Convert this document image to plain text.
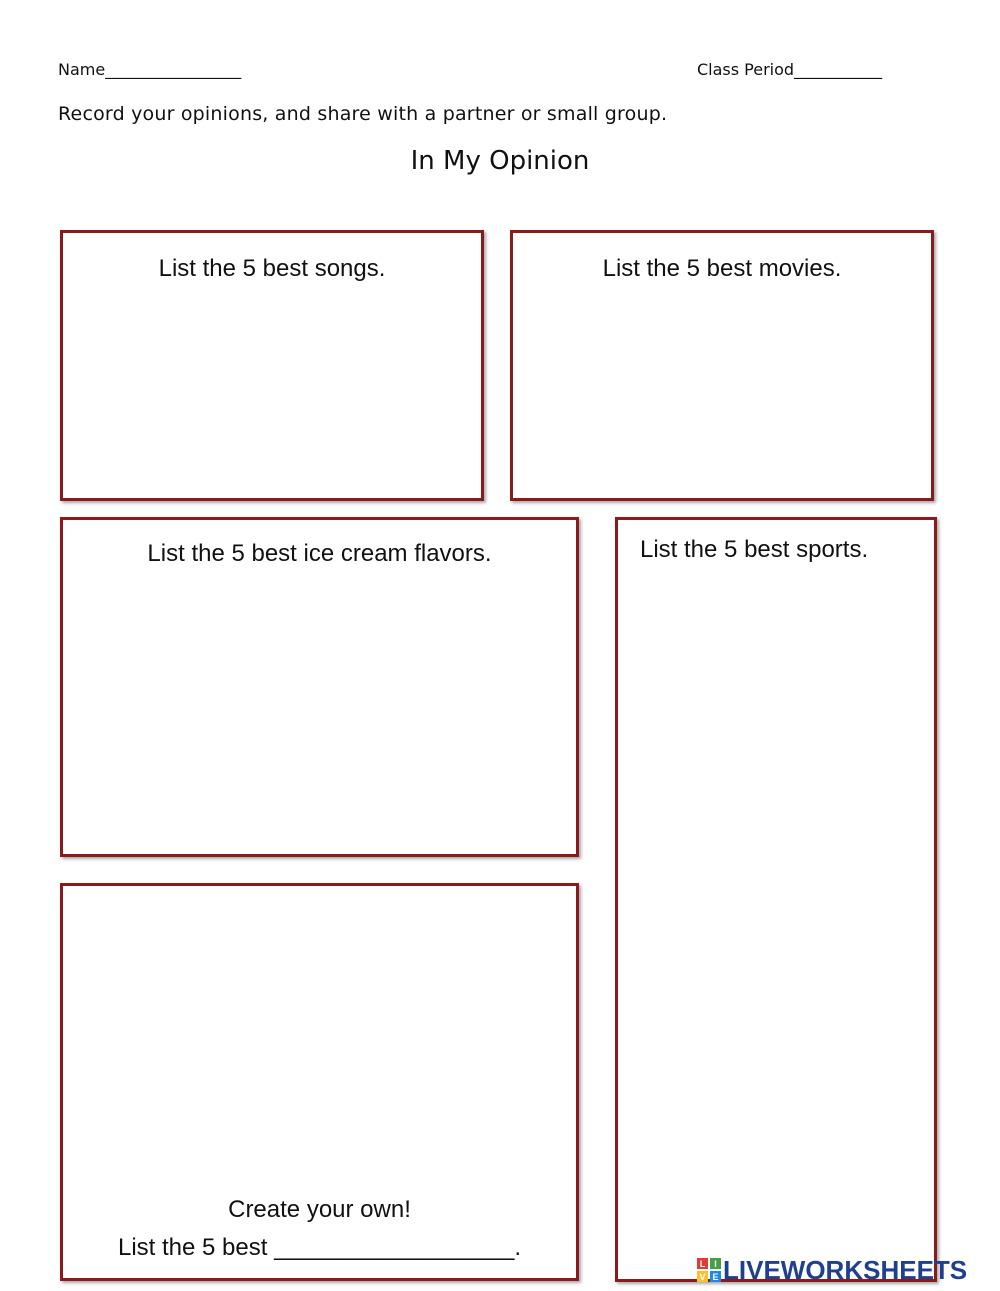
Name_________________	Class Period___________
Record your opinions, and share with a partner or small group.
In My Opinion
List the 5 best songs.	List the 5 best movies.
List the 5 best ice cream flavors.	List the 5 best sports.
Create your own!
List the 5 best __________________.
L I
V E LIVEWORKSHEETS
